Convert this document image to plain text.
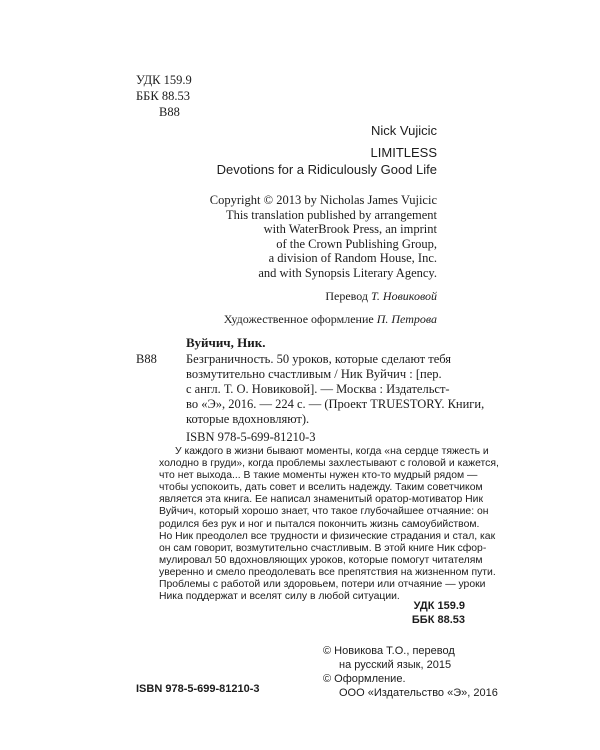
УДК 159.9
ББК 88.53
В88
Nick Vujicic
LIMITLESS
Devotions for a Ridiculously Good Life
Copyright © 2013 by Nicholas James Vujicic
This translation published by arrangement
with WaterBrook Press, an imprint
of the Crown Publishing Group,
a division of Random House, Inc.
and with Synopsis Literary Agency.
Перевод Т. Новиковой
Художественное оформление П. Петрова
Вуйчич, Ник.
В88 Безграничность. 50 уроков, которые сделают тебя
возмутительно счастливым / Ник Вуйчич : [пер.
с англ. Т. О. Новиковой]. — Москва : Издательст-
во «Э», 2016. — 224 с. — (Проект TRUESTORY. Книги,
которые вдохновляют).
ISBN 978-5-699-81210-3
У каждого в жизни бывают моменты, когда «на сердце тяжесть и
холодно в груди», когда проблемы захлестывают с головой и кажется,
что нет выхода... В такие моменты нужен кто-то мудрый рядом —
чтобы успокоить, дать совет и вселить надежду. Таким советчиком
является эта книга. Ее написал знаменитый оратор-мотиватор Ник
Вуйчич, который хорошо знает, что такое глубочайшее отчаяние: он
родился без рук и ног и пытался покончить жизнь самоубийством.
Но Ник преодолел все трудности и физические страдания и стал, как
он сам говорит, возмутительно счастливым. В этой книге Ник сфор-
мулировал 50 вдохновляющих уроков, которые помогут читателям
уверенно и смело преодолевать все препятствия на жизненном пути.
Проблемы с работой или здоровьем, потери или отчаяние — уроки
Ника поддержат и вселят силу в любой ситуации.
УДК 159.9
ББК 88.53
© Новикова Т.О., перевод
на русский язык, 2015
© Оформление.
ООО «Издательство «Э», 2016
ISBN 978-5-699-81210-3
